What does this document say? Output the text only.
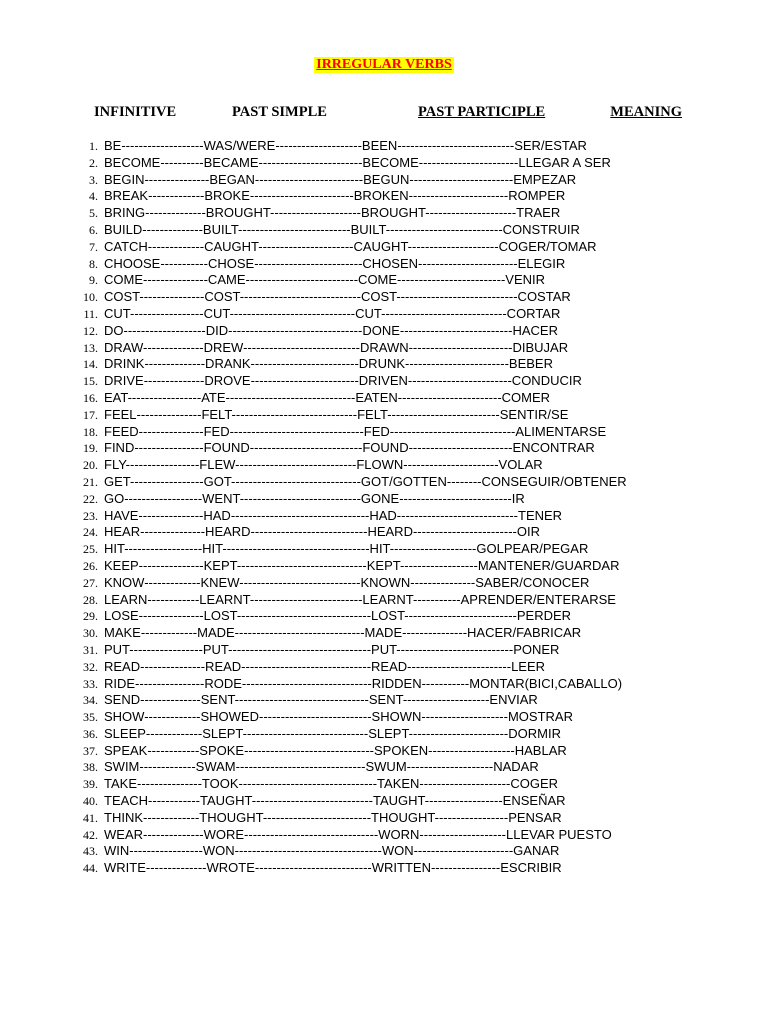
IRREGULAR VERBS
INFINITIVE	PAST SIMPLE	PAST PARTICIPLE	MEANING
1. BE-------------------WAS/WERE--------------------BEEN---------------------------SER/ESTAR
2. BECOME----------BECAME------------------------BECOME-----------------------LLEGAR A SER
3. BEGIN---------------BEGAN-------------------------BEGUN------------------------EMPEZAR
4. BREAK-------------BROKE------------------------BROKEN-----------------------ROMPER
5. BRING--------------BROUGHT---------------------BROUGHT---------------------TRAER
6. BUILD--------------BUILT--------------------------BUILT---------------------------CONSTRUIR
7. CATCH-------------CAUGHT----------------------CAUGHT---------------------COGER/TOMAR
8. CHOOSE-----------CHOSE-------------------------CHOSEN-----------------------ELEGIR
9. COME---------------CAME--------------------------COME-------------------------VENIR
10. COST---------------COST----------------------------COST----------------------------COSTAR
11. CUT-----------------CUT-----------------------------CUT-----------------------------CORTAR
12. DO-------------------DID-------------------------------DONE--------------------------HACER
13. DRAW--------------DREW---------------------------DRAWN------------------------DIBUJAR
14. DRINK--------------DRANK-------------------------DRUNK------------------------BEBER
15. DRIVE--------------DROVE-------------------------DRIVEN------------------------CONDUCIR
16. EAT-----------------ATE------------------------------EATEN------------------------COMER
17. FEEL---------------FELT-----------------------------FELT--------------------------SENTIR/SE
18. FEED---------------FED-------------------------------FED-----------------------------ALIMENTARSE
19. FIND----------------FOUND--------------------------FOUND------------------------ENCONTRAR
20. FLY-----------------FLEW----------------------------FLOWN----------------------VOLAR
21. GET-----------------GOT------------------------------GOT/GOTTEN--------CONSEGUIR/OBTENER
22. GO------------------WENT----------------------------GONE--------------------------IR
23. HAVE---------------HAD--------------------------------HAD----------------------------TENER
24. HEAR---------------HEARD---------------------------HEARD------------------------OIR
25. HIT------------------HIT----------------------------------HIT--------------------GOLPEAR/PEGAR
26. KEEP---------------KEPT------------------------------KEPT------------------MANTENER/GUARDAR
27. KNOW-------------KNEW----------------------------KNOWN---------------SABER/CONOCER
28. LEARN------------LEARNT--------------------------LEARNT-----------APRENDER/ENTERARSE
29. LOSE---------------LOST-------------------------------LOST--------------------------PERDER
30. MAKE-------------MADE------------------------------MADE---------------HACER/FABRICAR
31. PUT-----------------PUT---------------------------------PUT---------------------------PONER
32. READ---------------READ------------------------------READ------------------------LEER
33. RIDE----------------RODE------------------------------RIDDEN-----------MONTAR(BICI,CABALLO)
34. SEND--------------SENT-------------------------------SENT--------------------ENVIAR
35. SHOW-------------SHOWED--------------------------SHOWN--------------------MOSTRAR
36. SLEEP-------------SLEPT-----------------------------SLEPT-----------------------DORMIR
37. SPEAK------------SPOKE------------------------------SPOKEN--------------------HABLAR
38. SWIM-------------SWAM------------------------------SWUM--------------------NADAR
39. TAKE---------------TOOK--------------------------------TAKEN---------------------COGER
40. TEACH------------TAUGHT----------------------------TAUGHT------------------ENSEÑAR
41. THINK-------------THOUGHT-------------------------THOUGHT-----------------PENSAR
42. WEAR--------------WORE-------------------------------WORN--------------------LLEVAR PUESTO
43. WIN-----------------WON----------------------------------WON-----------------------GANAR
44. WRITE--------------WROTE---------------------------WRITTEN----------------ESCRIBIR
